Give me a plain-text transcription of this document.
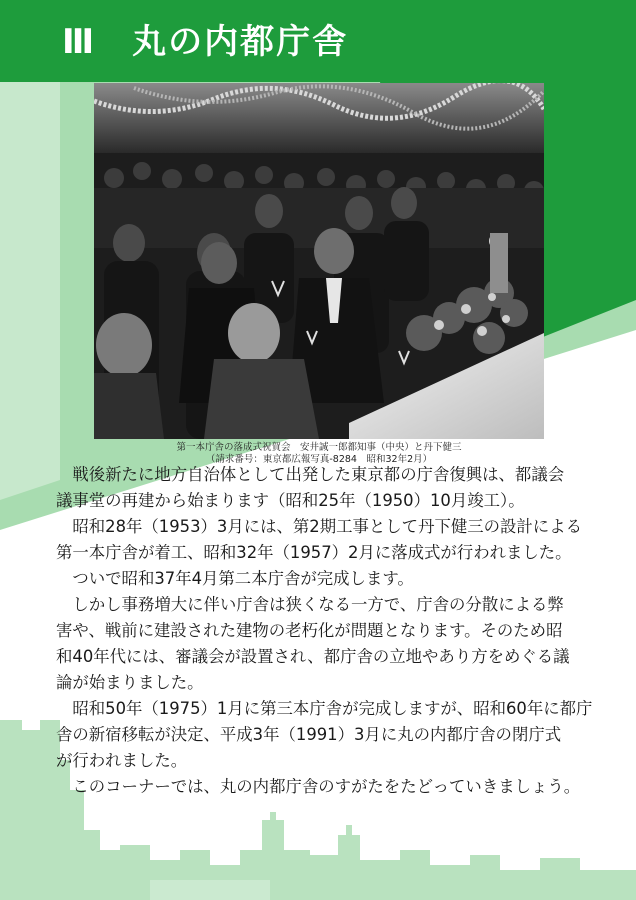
Ⅲ　 丸の内都庁舎
第一本庁舎の落成式祝賀会　安井誠一郎都知事（中央）と丹下健三
（請求番号：東京都広報写真-8284　昭和32年2月）

　戦後新たに地方自治体として出発した東京都の庁舎復興は、都議会

議事堂の再建から始まります（昭和25年（1950）10月竣工）。

　昭和28年（1953）3月には、第2期工事として丹下健三の設計による

第一本庁舎が着工、昭和32年（1957）2月に落成式が行われました。

　ついで昭和37年4月第二本庁舎が完成します。

　しかし事務増大に伴い庁舎は狭くなる一方で、庁舎の分散による弊

害や、戦前に建設された建物の老朽化が問題となります。そのため昭

和40年代には、審議会が設置され、都庁舎の立地やあり方をめぐる議

論が始まりました。

　昭和50年（1975）1月に第三本庁舎が完成しますが、昭和60年に都庁

舎の新宿移転が決定、平成3年（1991）3月に丸の内都庁舎の閉庁式

が行われました。

　このコーナーでは、丸の内都庁舎のすがたをたどっていきましょう。
